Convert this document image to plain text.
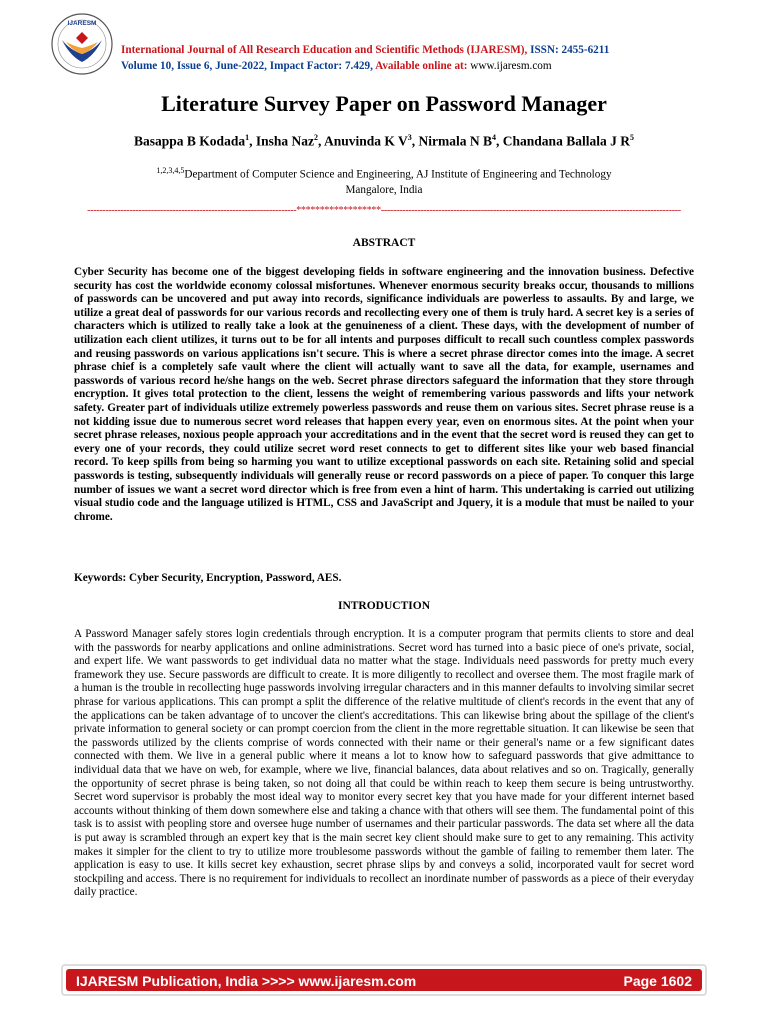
IJARESM
International Journal of All Research Education and Scientific Methods (IJARESM), ISSN: 2455-6211
Volume 10, Issue 6, June-2022, Impact Factor: 7.429, Available online at: www.ijaresm.com
Literature Survey Paper on Password Manager
Basappa B Kodada$^1$, Insha Naz$^2$, Anuvinda K $V^3$, Nirmala N $B^4$, Chandana Ballala J $R^5$
$^{1,2,3,4,5}$Department of Computer Science and Engineering, AJ Institute of Engineering and Technology
Mangalore, India
---------------------------------------------------------------------******************---------------------------------------------------------------------------------------------------
ABSTRACT
Cyber Security has become one of the biggest developing fields in software engineering and the innovation business. Defective security has cost the worldwide economy colossal misfortunes. Whenever enormous security breaks occur, thousands to millions of passwords can be uncovered and put away into records, significance individuals are powerless to assaults. By and large, we utilize a great deal of passwords for our various records and recollecting every one of them is truly hard. A secret key is a series of characters which is utilized to really take a look at the genuineness of a client. These days, with the development of number of utilization each client utilizes, it turns out to be for all intents and purposes difficult to recall such countless complex passwords and reusing passwords on various applications isn't secure. This is where a secret phrase director comes into the image. A secret phrase chief is a completely safe vault where the client will actually want to save all the data, for example, usernames and passwords of various record he/she hangs on the web. Secret phrase directors safeguard the information that they store through encryption. It gives total protection to the client, lessens the weight of remembering various passwords and lifts your network safety. Greater part of individuals utilize extremely powerless passwords and reuse them on various sites. Secret phrase reuse is a not kidding issue due to numerous secret word releases that happen every year, even on enormous sites. At the point when your secret phrase releases, noxious people approach your accreditations and in the event that the secret word is reused they can get to every one of your records, they could utilize secret word reset connects to get to different sites like your web based financial record. To keep spills from being so harming you want to utilize exceptional passwords on each site. Retaining solid and special passwords is testing, subsequently individuals will generally reuse or record passwords on a piece of paper. To conquer this large number of issues we want a secret word director which is free from even a hint of harm. This undertaking is carried out utilizing visual studio code and the language utilized is HTML, CSS and JavaScript and Jquery, it is a module that must be nailed to your chrome.
Keywords: Cyber Security, Encryption, Password, AES.
INTRODUCTION
A Password Manager safely stores login credentials through encryption. It is a computer program that permits clients to store and deal with the passwords for nearby applications and online administrations. Secret word has turned into a basic piece of one's private, social, and expert life. We want passwords to get individual data no matter what the stage. Individuals need passwords for pretty much every framework they use. Secure passwords are difficult to create. It is more diligently to recollect and oversee them. The most fragile mark of a human is the trouble in recollecting huge passwords involving irregular characters and in this manner defaults to involving similar secret phrase for various applications. This can prompt a split the difference of the relative multitude of client's records in the event that any of the applications can be taken advantage of to uncover the client's accreditations. This can likewise bring about the spillage of the client's private information to general society or can prompt coercion from the client in the more regrettable situation. It can likewise be seen that the passwords utilized by the clients comprise of words connected with their name or their general's name or a few significant dates connected with them. We live in a general public where it means a lot to know how to safeguard passwords that give admittance to individual data that we have on web, for example, where we live, financial balances, data about relatives and so on. Tragically, generally the opportunity of secret phrase is being taken, so not doing all that could be within reach to keep them secure is being untrustworthy. Secret word supervisor is probably the most ideal way to monitor every secret key that you have made for your different internet based accounts without thinking of them down somewhere else and taking a chance with that others will see them. The fundamental point of this task is to assist with peopling store and oversee huge number of usernames and their particular passwords. The data set where all the data is put away is scrambled through an expert key that is the main secret key client should make sure to get to any remaining. This activity makes it simpler for the client to try to utilize more troublesome passwords without the gamble of failing to remember them later. The application is easy to use. It kills secret key exhaustion, secret phrase slips by and conveys a solid, incorporated vault for secret word stockpiling and access. There is no requirement for individuals to recollect an inordinate number of passwords as a piece of their everyday daily practice.
IJARESM Publication, India >>>> www.ijaresm.com	Page 1602
